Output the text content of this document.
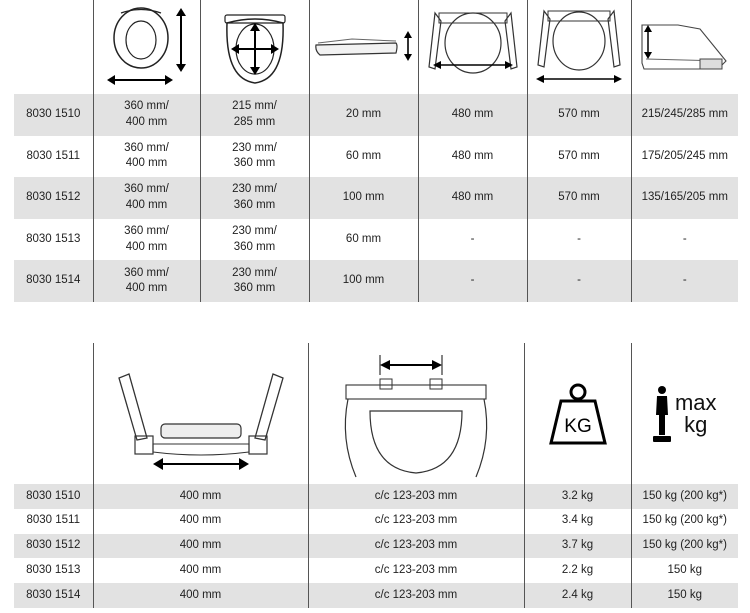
8030 1510	360 mm/
400 mm	215 mm/
285 mm	20 mm	480 mm	570 mm	215/245/285 mm
8030 1511	360 mm/
400 mm	230 mm/
360 mm	60 mm	480 mm	570 mm	175/205/245 mm
8030 1512	360 mm/
400 mm	230 mm/
360 mm	100 mm	480 mm	570 mm	135/165/205 mm
8030 1513	360 mm/
400 mm	230 mm/
360 mm	60 mm	-	-	-
8030 1514	360 mm/
400 mm	230 mm/
360 mm	100 mm	-	-	-

KG	max
kg

8030 1510	400 mm	c/c 123-203 mm	3.2 kg	150 kg (200 kg*)
8030 1511	400 mm	c/c 123-203 mm	3.4 kg	150 kg (200 kg*)
8030 1512	400 mm	c/c 123-203 mm	3.7 kg	150 kg (200 kg*)
8030 1513	400 mm	c/c 123-203 mm	2.2 kg	150 kg
8030 1514	400 mm	c/c 123-203 mm	2.4 kg	150 kg
